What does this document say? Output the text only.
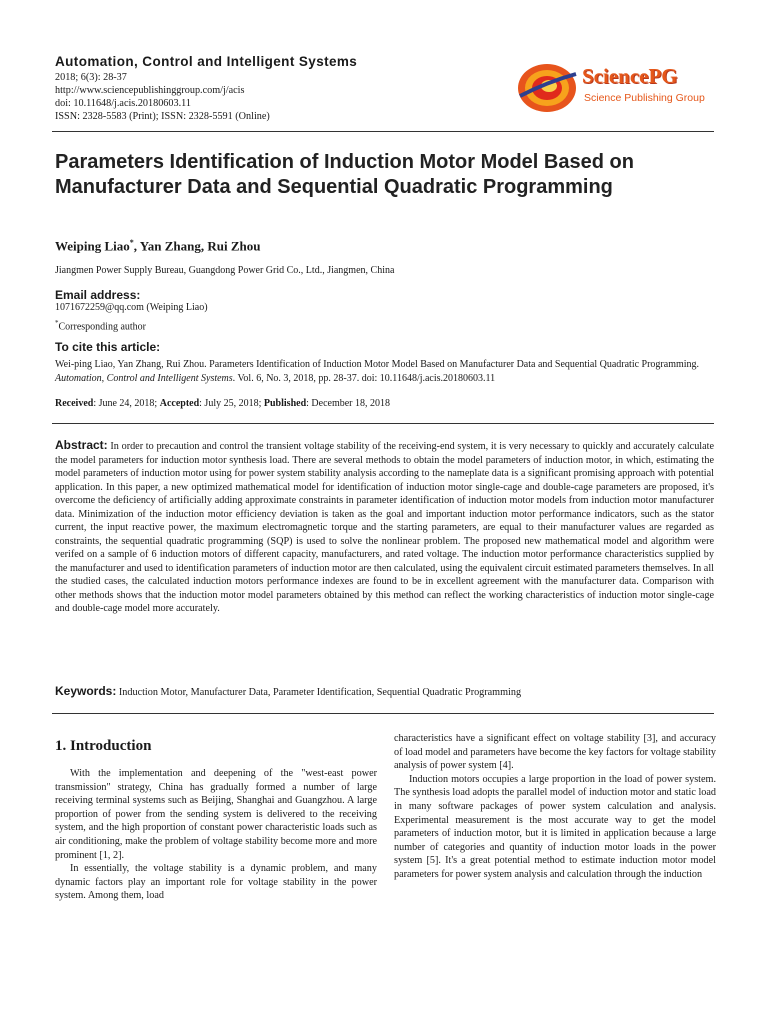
Automation, Control and Intelligent Systems
2018; 6(3): 28-37
http://www.sciencepublishinggroup.com/j/acis
doi: 10.11648/j.acis.20180603.11
ISSN: 2328-5583 (Print); ISSN: 2328-5591 (Online)
SciencePG
Science Publishing Group
Parameters Identification of Induction Motor Model Based on Manufacturer Data and Sequential Quadratic Programming
Weiping Liao*, Yan Zhang, Rui Zhou
Jiangmen Power Supply Bureau, Guangdong Power Grid Co., Ltd., Jiangmen, China
Email address:
1071672259@qq.com (Weiping Liao)
*Corresponding author
To cite this article:
Wei-ping Liao, Yan Zhang, Rui Zhou. Parameters Identification of Induction Motor Model Based on Manufacturer Data and Sequential Quadratic Programming. Automation, Control and Intelligent Systems. Vol. 6, No. 3, 2018, pp. 28-37. doi: 10.11648/j.acis.20180603.11
Received: June 24, 2018; Accepted: July 25, 2018; Published: December 18, 2018
Abstract: In order to precaution and control the transient voltage stability of the receiving-end system, it is very necessary to quickly and accurately calculate the model parameters for induction motor synthesis load. There are several methods to obtain the model parameters of induction motor, in which, estimating the model parameters of induction motor using for power system stability analysis according to the nameplate data is a significant promising approach with potential application. In this paper, a new optimized mathematical model for identification of induction motor single-cage and double-cage parameters are proposed, it's overcome the deficiency of artificially adding approximate constraints in parameter identification of induction motor models from induction motor manufacturer data. Minimization of the induction motor efficiency deviation is taken as the goal and important induction motor performance indicators, such as the stator current, the input reactive power, the maximum electromagnetic torque and the starting parameters, are equal to their manufacturer values are regarded as constraints, the sequential quadratic programming (SQP) is used to solve the nonlinear problem. The proposed new mathematical model and algorithm were verifed on a sample of 6 induction motors of different capacity, manufacturers, and rated voltage. The induction motor performance characteristics supplied by the manufacturer and used to identification parameters of induction motor are then calculated, using the equivalent circuit estimated parameters themselves. In all the studied cases, the calculated induction motors performance indexes are found to be in excellent agreement with the manufacturer data. Comparison with other methods shows that the induction motor model parameters obtained by this method can reflect the working characteristics of induction motor single-cage and double-cage model more accurately.
Keywords: Induction Motor, Manufacturer Data, Parameter Identification, Sequential Quadratic Programming
1. Introduction

With the implementation and deepening of the "west-east power transmission" strategy, China has gradually formed a number of large receiving terminal systems such as Beijing, Shanghai and Guangzhou. A large proportion of power from the sending system is delivered to the receiving system, and the high proportion of constant power characteristic loads such as air conditioning, make the problem of voltage stability become more and more prominent [1, 2].

In essentially, the voltage stability is a dynamic problem, and many dynamic factors play an important role for voltage stability in the power system. Among them, load

characteristics have a significant effect on voltage stability [3], and accuracy of load model and parameters have become the key factors for voltage stability analysis of power system [4].

Induction motors occupies a large proportion in the load of power system. The synthesis load adopts the parallel model of induction motor and static load in many software packages of power system calculation and analysis. Experimental measurement is the most accurate way to get the model parameters of induction motor, but it is limited in application because a large number of categories and quantity of induction motor loads in the power system [5]. It's a great potential method to estimate induction motor model parameters for power system analysis and calculation through the induction
